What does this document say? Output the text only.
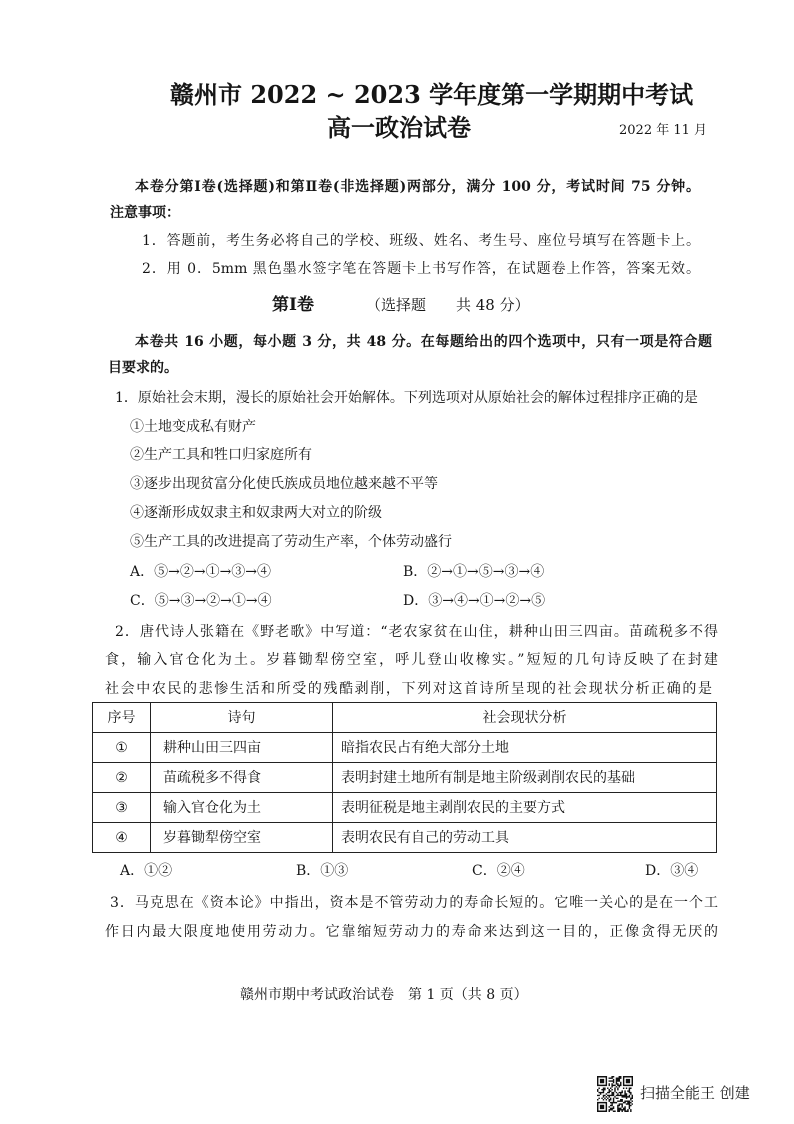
赣州市 2022 ~ 2023 学年度第一学期期中考试
高一政治试卷	2022 年 11 月
本卷分第Ⅰ卷(选择题)和第Ⅱ卷(非选择题)两部分，满分 100 分，考试时间 75 分钟。
注意事项：
1．答题前，考生务必将自己的学校、班级、姓名、考生号、座位号填写在答题卡上。
2．用 0．5mm 黑色墨水签字笔在答题卡上书写作答，在试题卷上作答，答案无效。
第Ⅰ卷	（选择题　　共 48 分）
本卷共 16 小题，每小题 3 分，共 48 分。在每题给出的四个选项中，只有一项是符合题
目要求的。
1．原始社会末期，漫长的原始社会开始解体。下列选项对从原始社会的解体过程排序正确的是
①土地变成私有财产
②生产工具和牲口归家庭所有
③逐步出现贫富分化使氏族成员地位越来越不平等
④逐渐形成奴隶主和奴隶两大对立的阶级
⑤生产工具的改进提高了劳动生产率，个体劳动盛行
A．⑤→②→①→③→④	B．②→①→⑤→③→④
C．⑤→③→②→①→④	D．③→④→①→②→⑤
2．唐代诗人张籍在《野老歌》中写道：“老农家贫在山住，耕种山田三四亩。苗疏税多不得
食，输入官仓化为土。岁暮锄犁傍空室，呼儿登山收橡实。”短短的几句诗反映了在封建
社会中农民的悲惨生活和所受的残酷剥削，下列对这首诗所呈现的社会现状分析正确的是
序号	诗句	社会现状分析
①	耕种山田三四亩	暗指农民占有绝大部分土地
②	苗疏税多不得食	表明封建土地所有制是地主阶级剥削农民的基础
③	输入官仓化为土	表明征税是地主剥削农民的主要方式
④	岁暮锄犁傍空室	表明农民有自己的劳动工具
A．①②	B．①③	C．②④	D．③④
3．马克思在《资本论》中指出，资本是不管劳动力的寿命长短的。它唯一关心的是在一个工
作日内最大限度地使用劳动力。它靠缩短劳动力的寿命来达到这一目的，正像贪得无厌的
赣州市期中考试政治试卷　第 1 页（共 8 页）
扫描全能王 创建
